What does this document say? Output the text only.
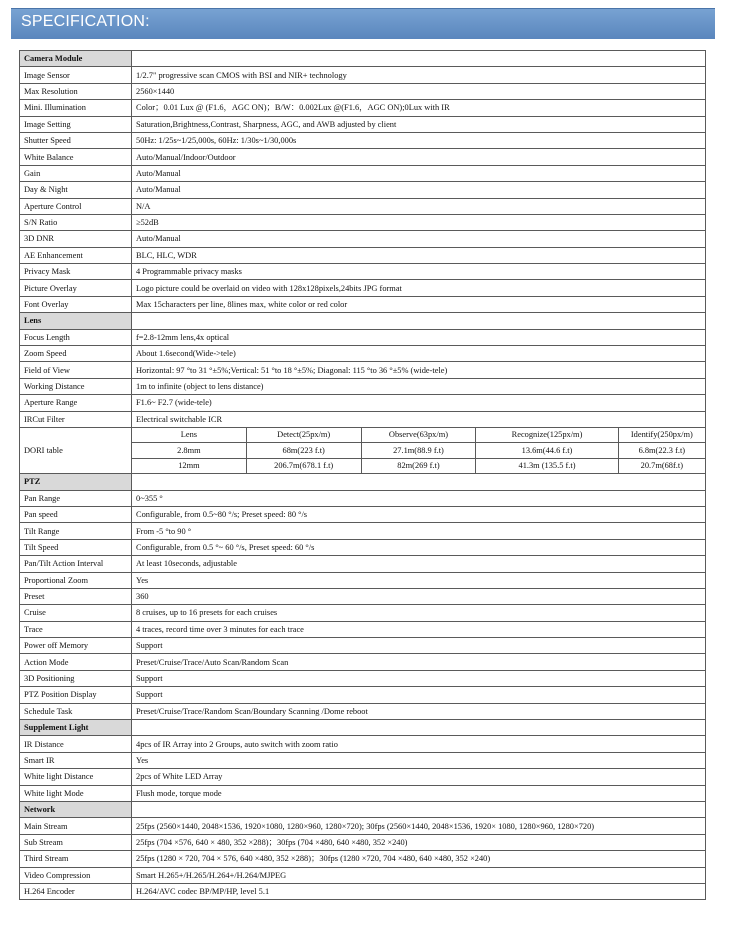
SPECIFICATION:
Camera Module	
Image Sensor	1/2.7" progressive scan CMOS with BSI and NIR+ technology
Max Resolution	2560×1440
Mini. Illumination	Color；0.01 Lux @ (F1.6，AGC ON)；B/W：0.002Lux @(F1.6，AGC ON);0Lux with IR
Image Setting	Saturation,Brightness,Contrast, Sharpness, AGC, and AWB adjusted by client
Shutter Speed	50Hz: 1/25s~1/25,000s, 60Hz: 1/30s~1/30,000s
White Balance	Auto/Manual/Indoor/Outdoor
Gain	Auto/Manual
Day & Night	Auto/Manual
Aperture Control	N/A
S/N Ratio	≥52dB
3D DNR	Auto/Manual
AE Enhancement	BLC, HLC, WDR
Privacy Mask	4 Programmable privacy masks
Picture Overlay	Logo picture could be overlaid on video with 128x128pixels,24bits JPG format
Font Overlay	Max 15characters per line, 8lines max, white color or red color
Lens	
Focus Length	f=2.8-12mm lens,4x optical
Zoom Speed	About 1.6second(Wide->tele)
Field of View	Horizontal: 97 °to 31 °±5%;Vertical: 51 °to 18 °±5%; Diagonal: 115 °to 36 °±5% (wide-tele)
Working Distance	1m to infinite (object to lens distance)
Aperture Range	F1.6~ F2.7 (wide-tele)
IRCut Filter	Electrical switchable ICR
DORI table	
Lens	Detect(25px/m)	Observe(63px/m)	Recognize(125px/m)	Identify(250px/m)
2.8mm	68m(223 f.t)	27.1m(88.9 f.t)	13.6m(44.6 f.t)	6.8m(22.3 f.t)
12mm	206.7m(678.1 f.t)	82m(269 f.t)	41.3m (135.5 f.t)	20.7m(68f.t)

PTZ	
Pan Range	0~355 °
Pan speed	Configurable, from 0.5~80 °/s; Preset speed: 80 °/s
Tilt Range	From -5 °to 90 °
Tilt Speed	Configurable, from 0.5 °~ 60 °/s, Preset speed: 60 °/s
Pan/Tilt Action Interval	At least 10seconds, adjustable
Proportional Zoom	Yes
Preset	360
Cruise	8 cruises, up to 16 presets for each cruises
Trace	4 traces, record time over 3 minutes for each trace
Power off Memory	Support
Action Mode	Preset/Cruise/Trace/Auto Scan/Random Scan
3D Positioning	Support
PTZ Position Display	Support
Schedule Task	Preset/Cruise/Trace/Random Scan/Boundary Scanning /Dome reboot
Supplement Light	
IR Distance	4pcs of IR Array into 2 Groups, auto switch with zoom ratio
Smart IR	Yes
White light Distance	2pcs of White LED Array
White light Mode	Flush mode, torque mode
Network	
Main Stream	25fps (2560×1440, 2048×1536, 1920×1080, 1280×960, 1280×720); 30fps (2560×1440, 2048×1536, 1920× 1080, 1280×960, 1280×720)
Sub Stream	25fps (704 ×576, 640 × 480, 352 ×288)；30fps (704 ×480, 640 ×480, 352 ×240)
Third Stream	25fps (1280 × 720, 704 × 576, 640 ×480, 352 ×288)；30fps (1280 ×720, 704 ×480, 640 ×480, 352 ×240)
Video Compression	Smart H.265+/H.265/H.264+/H.264/MJPEG
H.264 Encoder	H.264/AVC codec BP/MP/HP, level 5.1
